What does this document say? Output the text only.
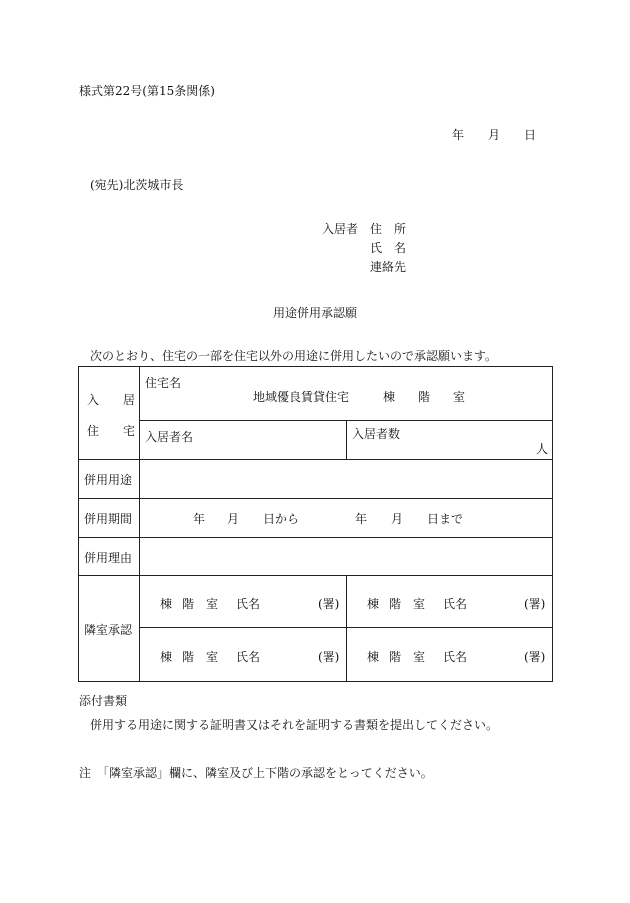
様式第22号(第15条関係)
年 月 日
(宛先)北茨城市長
入居者 住　所
氏　名
連絡先
用途併用承認願
次のとおり、住宅の一部を住宅以外の用途に併用したいので承認願います。
入　　居
住　　宅
住宅名
地域優良賃貸住宅	棟 階 室
入居者名	入居者数
人
併用用途
併用期間	年 月 日から	年 月 日まで
併用理由
隣室承認
棟 階 室 氏名	(署) 棟 階 室 氏名	(署)
棟 階 室 氏名	(署) 棟 階 室 氏名	(署)
添付書類
併用する用途に関する証明書又はそれを証明する書類を提出してください。
注　「隣室承認」欄に、隣室及び上下階の承認をとってください。
